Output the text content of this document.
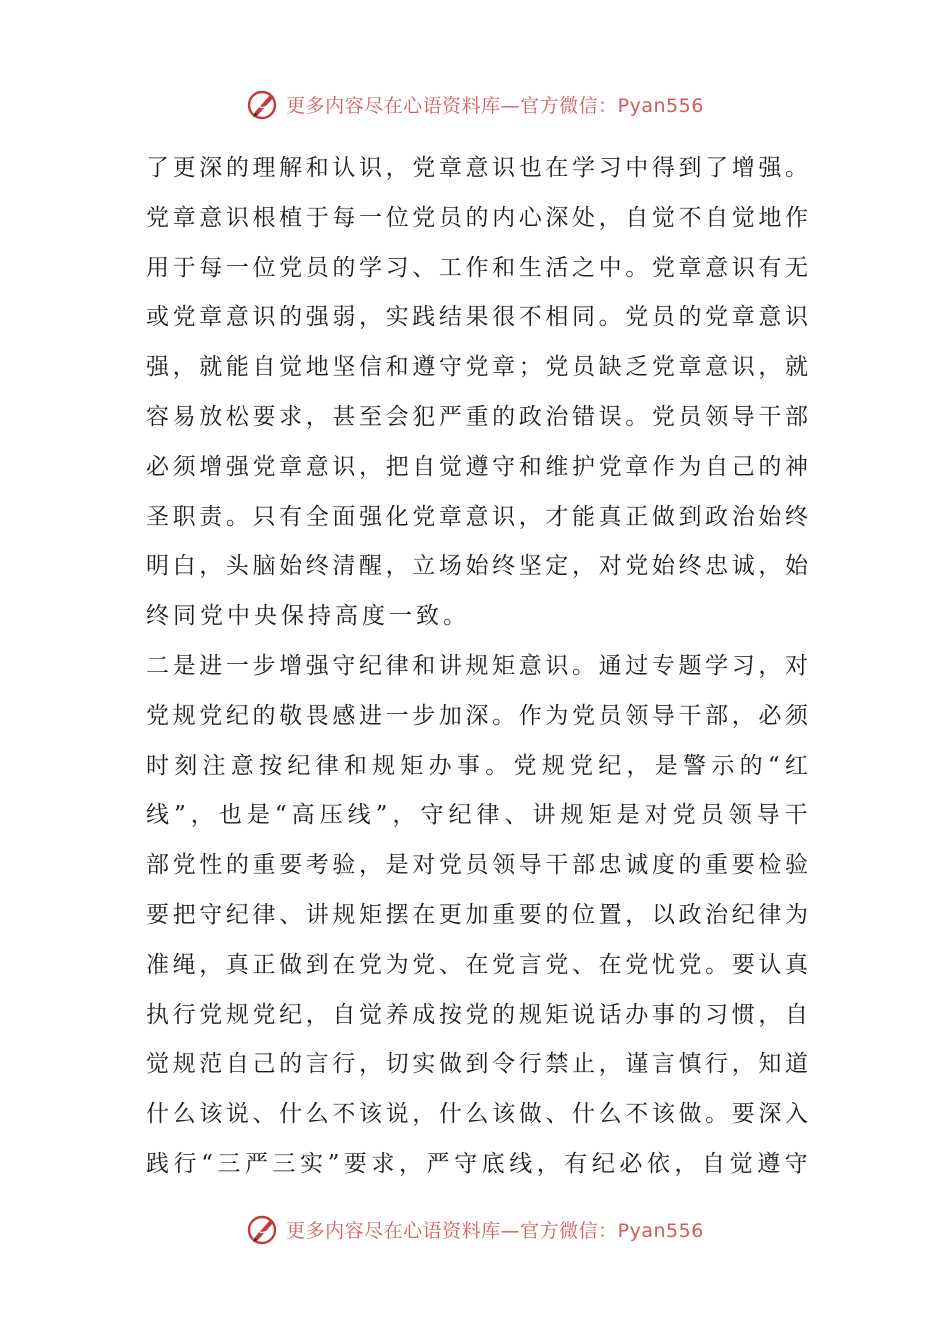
更多内容尽在心语资料库—官方微信：Pyan556
了 更 深 的 理 解 和 认 识 ， 党 章 意 识 也 在 学 习 中 得 到 了 增 强 。
党 章 意 识 根 植 于 每 一 位 党 员 的 内 心 深 处 ， 自 觉 不 自 觉 地 作
用 于 每 一 位 党 员 的 学 习 、 工 作 和 生 活 之 中 。 党 章 意 识 有 无
或 党 章 意 识 的 强 弱 ， 实 践 结 果 很 不 相 同 。 党 员 的 党 章 意 识
强 ， 就 能 自 觉 地 坚 信 和 遵 守 党 章 ； 党 员 缺 乏 党 章 意 识 ， 就
容 易 放 松 要 求 ， 甚 至 会 犯 严 重 的 政 治 错 误 。 党 员 领 导 干 部
必 须 增 强 党 章 意 识 ， 把 自 觉 遵 守 和 维 护 党 章 作 为 自 己 的 神
圣 职 责 。 只 有 全 面 强 化 党 章 意 识 ， 才 能 真 正 做 到 政 治 始 终
明 白 ， 头 脑 始 终 清 醒 ， 立 场 始 终 坚 定 ， 对 党 始 终 忠 诚 ， 始
终同党中央保持高度一致。
二 是 进 一 步 增 强 守 纪 律 和 讲 规 矩 意 识 。 通 过 专 题 学 习 ， 对
党 规 党 纪 的 敬 畏 感 进 一 步 加 深 。 作 为 党 员 领 导 干 部 ， 必 须
时 刻 注 意 按 纪 律 和 规 矩 办 事 。 党 规 党 纪 ， 是 警 示 的 “ 红
线 ” ， 也 是 “ 高 压 线 ” ， 守 纪 律 、 讲 规 矩 是 对 党 员 领 导 干
部 党 性 的 重 要 考 验 ， 是 对 党 员 领 导 干 部 忠 诚 度 的 重 要 检 验
要 把 守 纪 律 、 讲 规 矩 摆 在 更 加 重 要 的 位 置 ， 以 政 治 纪 律 为
准 绳 ， 真 正 做 到 在 党 为 党 、 在 党 言 党 、 在 党 忧 党 。 要 认 真
执 行 党 规 党 纪 ， 自 觉 养 成 按 党 的 规 矩 说 话 办 事 的 习 惯 ， 自
觉 规 范 自 己 的 言 行 ， 切 实 做 到 令 行 禁 止 ， 谨 言 慎 行 ， 知 道
什 么 该 说 、 什 么 不 该 说 ， 什 么 该 做 、 什 么 不 该 做 。 要 深 入
践 行 “ 三 严 三 实 ” 要 求 ， 严 守 底 线 ， 有 纪 必 依 ， 自 觉 遵 守
更多内容尽在心语资料库—官方微信：Pyan556
